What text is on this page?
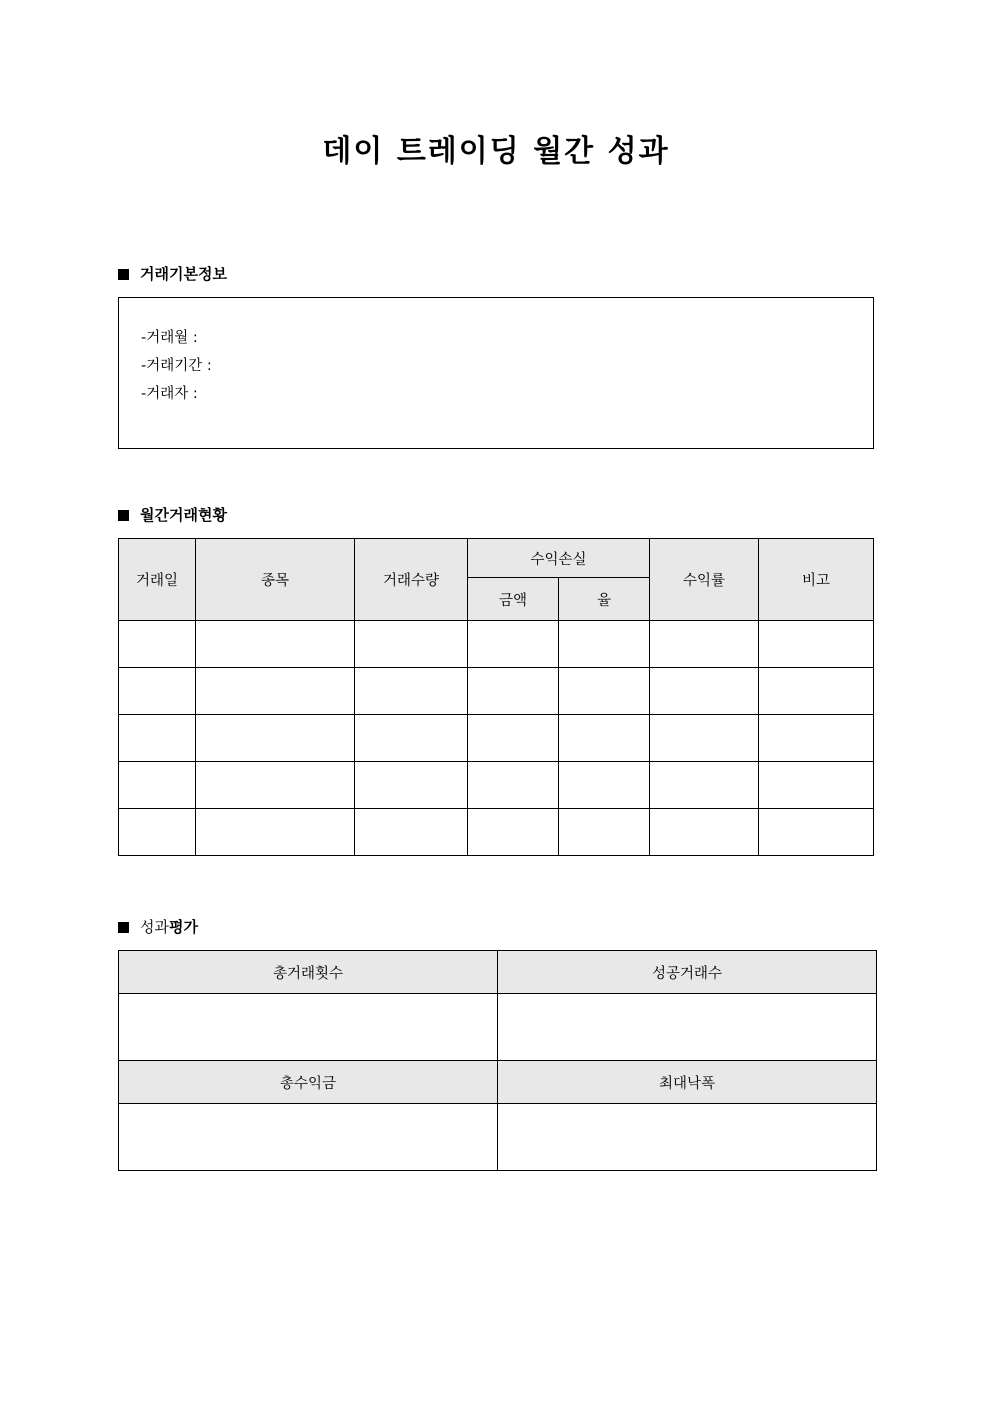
데이 트레이딩 월간 성과
거래기본정보
-거래월 :
-거래기간 :
-거래자 :
월간거래현황
거래일	종목	거래수량	수익손실		수익률	비고
			금액	율		

성과 평가
총거래횟수	성공거래수

총수익금	최대낙폭
